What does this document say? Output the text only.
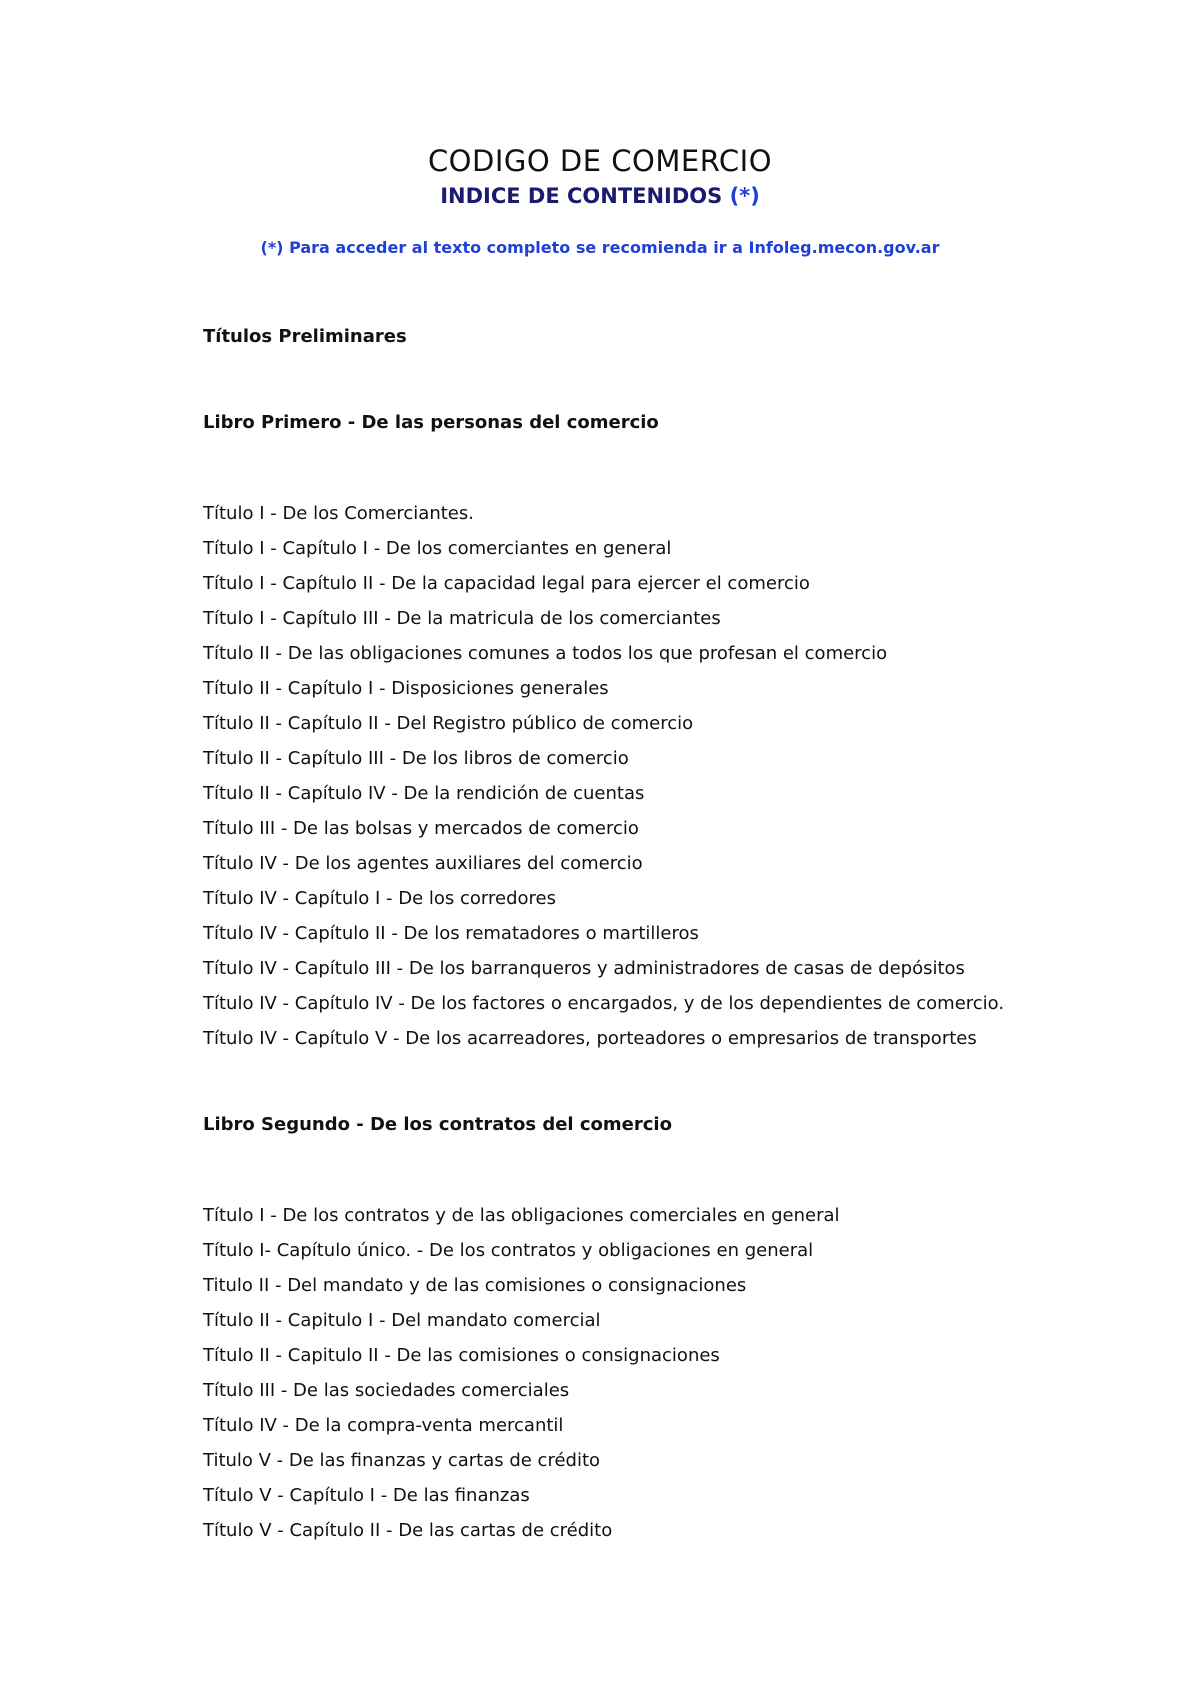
CODIGO DE COMERCIO
INDICE DE CONTENIDOS (*)
(*) Para acceder al texto completo se recomienda ir a Infoleg.mecon.gov.ar
Títulos Preliminares
Libro Primero - De las personas del comercio
Título I - De los Comerciantes.
Título I - Capítulo I - De los comerciantes en general
Título I - Capítulo II - De la capacidad legal para ejercer el comercio
Título I - Capítulo III - De la matricula de los comerciantes
Título II - De las obligaciones comunes a todos los que profesan el comercio
Título II - Capítulo I - Disposiciones generales
Título II - Capítulo II - Del Registro público de comercio
Título II - Capítulo III - De los libros de comercio
Título II - Capítulo IV - De la rendición de cuentas
Título III - De las bolsas y mercados de comercio
Título IV - De los agentes auxiliares del comercio
Título IV - Capítulo I - De los corredores
Título IV - Capítulo II - De los rematadores o martilleros
Título IV - Capítulo III - De los barranqueros y administradores de casas de depósitos
Título IV - Capítulo IV - De los factores o encargados, y de los dependientes de comercio.
Título IV - Capítulo V - De los acarreadores, porteadores o empresarios de transportes
Libro Segundo - De los contratos del comercio
Título I - De los contratos y de las obligaciones comerciales en general
Título I- Capítulo único. - De los contratos y obligaciones en general
Titulo II - Del mandato y de las comisiones o consignaciones
Título II - Capitulo I - Del mandato comercial
Título II - Capitulo II - De las comisiones o consignaciones
Título III - De las sociedades comerciales
Título IV - De la compra-venta mercantil
Titulo V - De las finanzas y cartas de crédito
Título V - Capítulo I - De las finanzas
Título V - Capítulo II - De las cartas de crédito
